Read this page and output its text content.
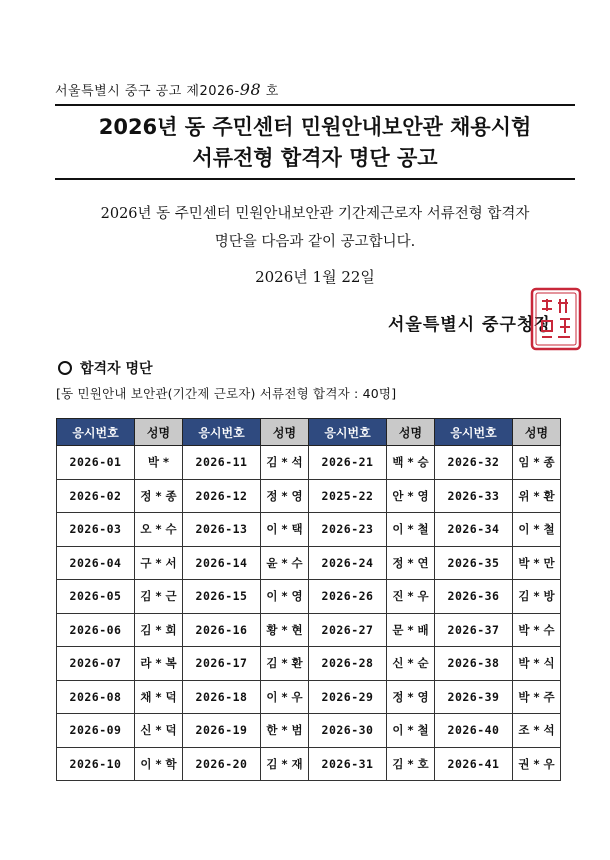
서울특별시 중구 공고 제2026-98 호
2026년 동 주민센터 민원안내보안관 채용시험
서류전형 합격자 명단 공고
2026년 동 주민센터 민원안내보안관 기간제근로자 서류전형 합격자
명단을 다음과 같이 공고합니다.
2026년 1월 22일
서울특별시 중구청장
합격자 명단
[동 민원안내 보안관(기간제 근로자) 서류전형 합격자 : 40명]
응시번호	성명	응시번호	성명	응시번호	성명	응시번호	성명
2026-01	박 *	2026-11	김 * 석	2026-21	백 * 승	2026-32	임 * 종
2026-02	정 * 종	2026-12	정 * 영	2025-22	안 * 영	2026-33	위 * 환
2026-03	오 * 수	2026-13	이 * 택	2026-23	이 * 철	2026-34	이 * 철
2026-04	구 * 서	2026-14	윤 * 수	2026-24	정 * 연	2026-35	박 * 만
2026-05	김 * 근	2026-15	이 * 영	2026-26	진 * 우	2026-36	김 * 방
2026-06	김 * 희	2026-16	황 * 현	2026-27	문 * 배	2026-37	박 * 수
2026-07	라 * 복	2026-17	김 * 환	2026-28	신 * 순	2026-38	박 * 식
2026-08	채 * 덕	2026-18	이 * 우	2026-29	정 * 영	2026-39	박 * 주
2026-09	신 * 덕	2026-19	한 * 범	2026-30	이 * 철	2026-40	조 * 석
2026-10	이 * 학	2026-20	김 * 재	2026-31	김 * 호	2026-41	권 * 우
